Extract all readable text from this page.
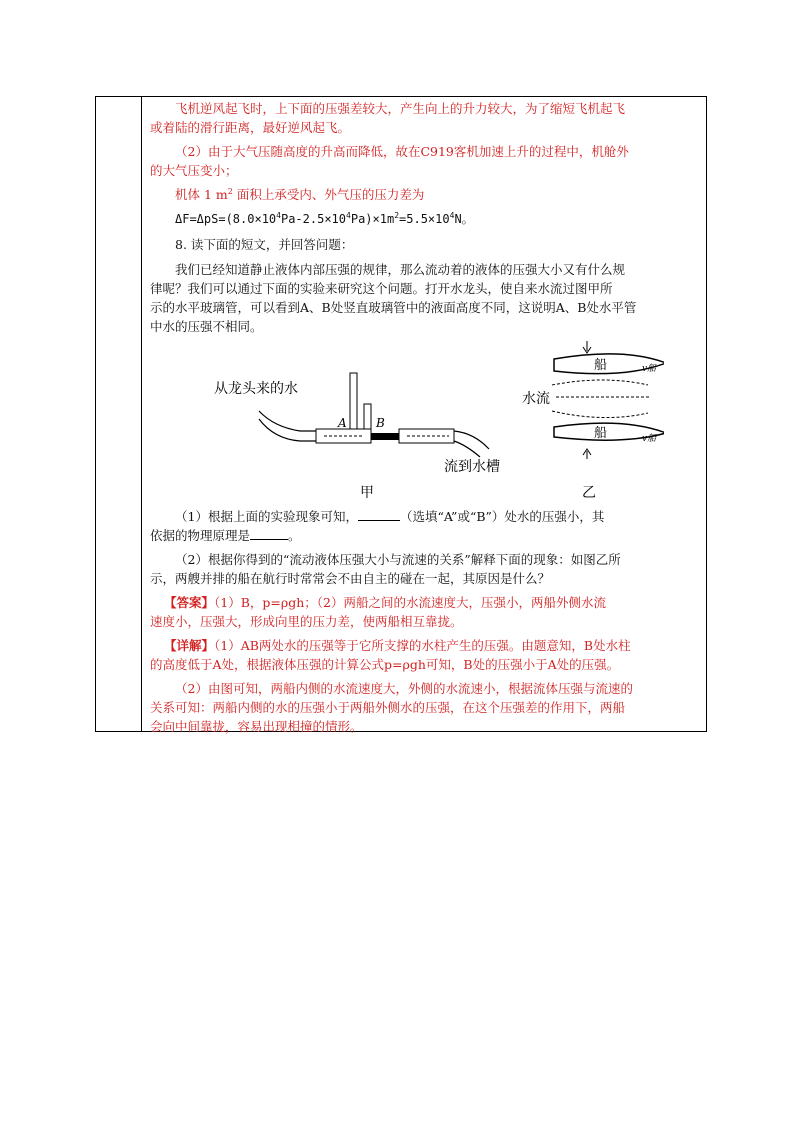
飞机逆风起飞时，上下面的压强差较大，产生向上的升力较大，为了缩短飞机起飞
或着陆的滑行距离，最好逆风起飞。
（2）由于大气压随高度的升高而降低，故在C919客机加速上升的过程中，机舱外
的大气压变小；
机体 1 $m^2$ 面积上承受内、外气压的压力差为
$\Delta F=\Delta pS=(8.0\times 10^4Pa-2.5\times 10^4Pa)\times 1m^2=5.5\times 10^4N$。
8. 读下面的短文，并回答问题：
我们已经知道静止液体内部压强的规律，那么流动着的液体的压强大小又有什么规
律呢？我们可以通过下面的实验来研究这个问题。打开水龙头，使自来水流过图甲所
示的水平玻璃管，可以看到A、B处竖直玻璃管中的液面高度不同，这说明A、B处水平管
中水的压强不相同。
从龙头来的水
A B
流到水槽
甲
船	v船
水流
船	v船
乙
（1）根据上面的实验现象可知，	（选填“A”或“B”）处水的压强小，其
依据的物理原理是	。
（2）根据你得到的“流动液体压强大小与流速的关系”解释下面的现象：如图乙所
示，两艘并排的船在航行时常常会不由自主的碰在一起，其原因是什么？
【答案】（1）B，p=ρgh；（2）两船之间的水流速度大，压强小，两船外侧水流
速度小，压强大，形成向里的压力差，使两船相互靠拢。
【详解】（1）AB两处水的压强等于它所支撑的水柱产生的压强。由题意知，B处水柱
的高度低于A处，根据液体压强的计算公式p=ρgh可知，B处的压强小于A处的压强。
（2）由图可知，两船内侧的水流速度大，外侧的水流速小，根据流体压强与流速的
关系可知：两船内侧的水的压强小于两船外侧水的压强，在这个压强差的作用下，两船
会向中间靠拢，容易出现相撞的情形。
